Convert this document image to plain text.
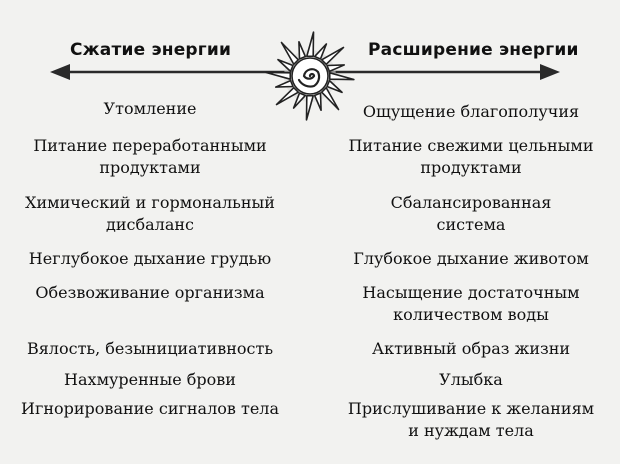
Сжатие энергии	Расширение энергии
Утомление
Питание переработанными
продуктами
Химический и гормональный
дисбаланс
Неглубокое дыхание грудью
Обезвоживание организма
Вялость, безынициативность
Нахмуренные брови
Игнорирование сигналов тела
Ощущение благополучия
Питание свежими цельными
продуктами
Сбалансированная
система
Глубокое дыхание животом
Насыщение достаточным
количеством воды
Активный образ жизни
Улыбка
Прислушивание к желаниям
и нуждам тела
